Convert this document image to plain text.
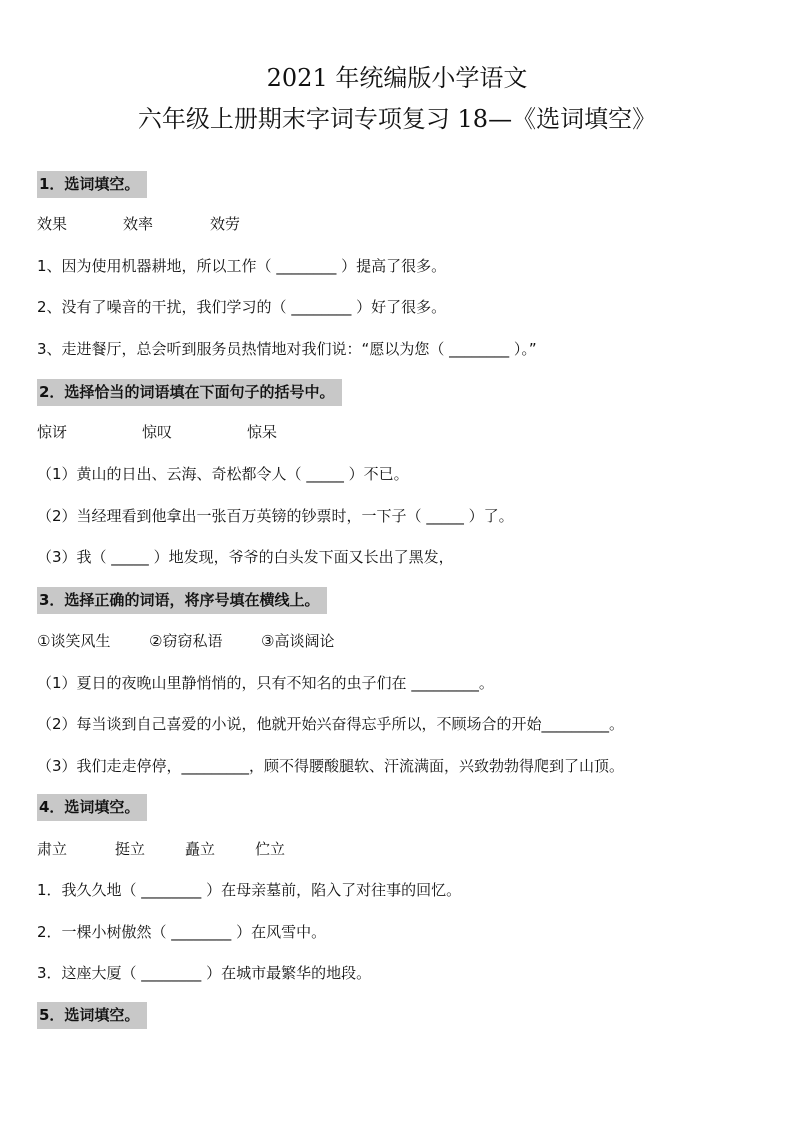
2021 年统编版小学语文
六年级上册期末字词专项复习 18—《选词填空》
1．选词填空。
效果	效率	效劳
1、因为使用机器耕地，所以工作（ ________ ）提高了很多。
2、没有了噪音的干扰，我们学习的（ ________ ）好了很多。
3、走进餐厅，总会听到服务员热情地对我们说：“愿以为您（ ________ ）。”
2．选择恰当的词语填在下面句子的括号中。
惊讶	惊叹	惊呆
（1）黄山的日出、云海、奇松都令人（ _____ ）不已。
（2）当经理看到他拿出一张百万英镑的钞票时，一下子（ _____ ）了。
（3）我（ _____ ）地发现，爷爷的白头发下面又长出了黑发，
3．选择正确的词语，将序号填在横线上。
①谈笑风生	②窃窃私语	③高谈阔论
（1）夏日的夜晚山里静悄悄的，只有不知名的虫子们在 _________。
（2）每当谈到自己喜爱的小说，他就开始兴奋得忘乎所以，不顾场合的开始_________。
（3）我们走走停停，_________，顾不得腰酸腿软、汗流满面，兴致勃勃得爬到了山顶。
4．选词填空。
肃立	挺立	矗立	伫立
1．我久久地（ ________ ）在母亲墓前，陷入了对往事的回忆。
2．一棵小树傲然（ ________ ）在风雪中。
3．这座大厦（ ________ ）在城市最繁华的地段。
5．选词填空。
